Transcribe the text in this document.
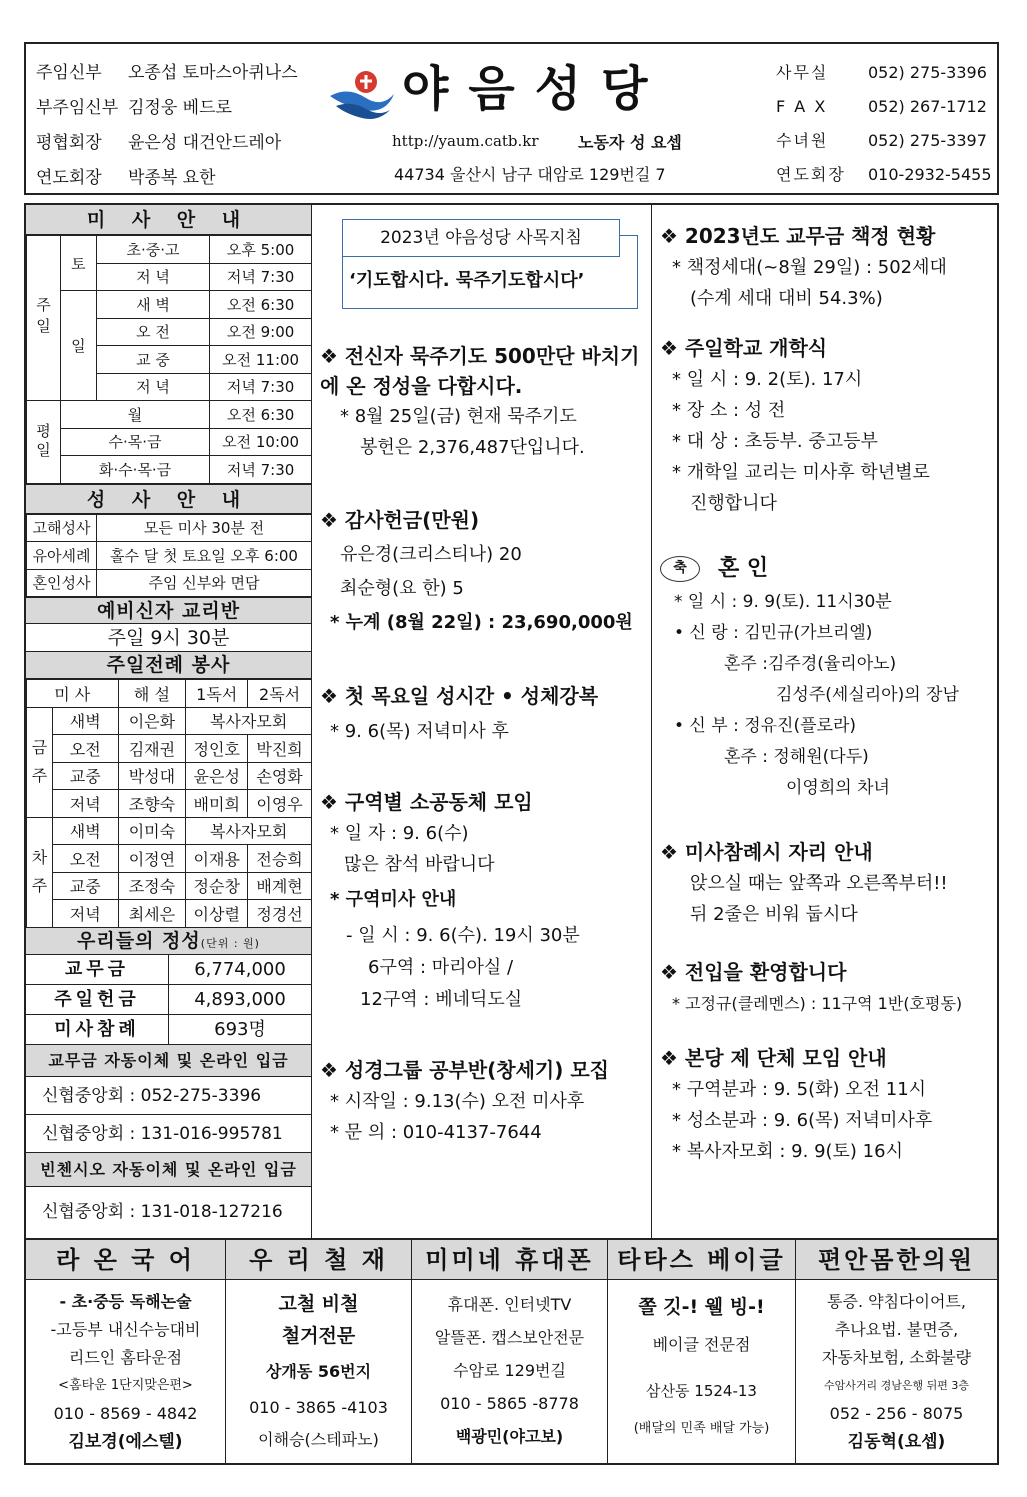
주임신부 오종섭 토마스아퀴나스
부주임신부 김정웅 베드로
평협회장 윤은성 대건안드레아
연도회장 박종복 요한
야음성당
http://yaum.catb.kr 노동자 성 요셉
44734 울산시 남구 대암로 129번길 7
사무실 052) 275-3396
F A X	052) 267-1712
수녀원 052) 275-3397
연도회장 010-2932-5455
미 사 안 내
주일	토	초·중·고	오후 5:00
		저 녁	저녁 7:30
	일	새 벽	오전 6:30
		오 전	오전 9:00
		교 중	오전 11:00
		저 녁	저녁 7:30
평일	월		오전 6:30
	수·목·금		오전 10:00
	화·수·목·금		저녁 7:30
성 사 안 내
고해성사	모든 미사 30분 전
유아세례	홀수 달 첫 토요일 오후 6:00
혼인성사	주임 신부와 면담
예비신자 교리반
주일 9시 30분
주일전례 봉사
미 사		해 설	1독서	2독서
금주	새벽	이은화	복사자모회	
	오전	김재권	정인호	박진희
	교중	박성대	윤은성	손영화
	저녁	조향숙	배미희	이영우
차주	새벽	이미숙	복사자모회	
	오전	이정연	이재용	전승희
	교중	조정숙	정순창	배계현
	저녁	최세은	이상렬	정경선
우리들의 정성(단위 : 원)
교무금	6,774,000
주일헌금	4,893,000
미사참례	693명
교무금 자동이체 및 온라인 입금
신협중앙회 : 052-275-3396
신협중앙회 : 131-016-995781
빈첸시오 자동이체 및 온라인 입금
신협중앙회 : 131-018-127216
‘기도합시다. 묵주기도합시다’
2023년 야음성당 사목지침
❖ 전신자 묵주기도 500만단 바치기에 온 정성을 다합시다.
* 8월 25일(금) 현재 묵주기도
봉헌은 2,376,487단입니다.
❖ 감사헌금(만원)
유은경(크리스티나) 20
최순형(요 한) 5
* 누계 (8월 22일) : 23,690,000원
❖ 첫 목요일 성시간 • 성체강복
* 9. 6(목) 저녁미사 후
❖ 구역별 소공동체 모임
* 일 자 : 9. 6(수)
많은 참석 바랍니다
* 구역미사 안내
- 일 시 : 9. 6(수). 19시 30분
6구역 : 마리아실 /
12구역 : 베네딕도실
❖ 성경그룹 공부반(창세기) 모집
* 시작일 : 9.13(수) 오전 미사후
* 문 의 : 010-4137-7644
❖ 2023년도 교무금 책정 현황
* 책정세대(~8월 29일) : 502세대
(수계 세대 대비 54.3%)
❖ 주일학교 개학식
* 일 시 : 9. 2(토). 17시
* 장 소 : 성 전
* 대 상 : 초등부. 중고등부
* 개학일 교리는 미사후 학년별로
진행합니다
축 혼 인
* 일 시 : 9. 9(토). 11시30분
• 신 랑 : 김민규(가브리엘)
혼주 :김주경(율리아노)
김성주(세실리아)의 장남
• 신 부 : 정유진(플로라)
혼주 : 정해원(다두)
이영희의 차녀
❖ 미사참례시 자리 안내
앉으실 때는 앞쪽과 오른쪽부터!!
뒤 2줄은 비워 둡시다
❖ 전입을 환영합니다
* 고정규(클레멘스) : 11구역 1반(호평동)
❖ 본당 제 단체 모임 안내
* 구역분과 : 9. 5(화) 오전 11시
* 성소분과 : 9. 6(목) 저녁미사후
* 복사자모회 : 9. 9(토) 16시
라 온 국 어
- 초·중등 독해논술
-고등부 내신수능대비
리드인 홈타운점
<홈타운 1단지맞은편>
010 - 8569 - 4842
김보경(에스텔)
우 리 철 재
고철 비철
철거전문
상개동 56번지
010 - 3865 -4103
이해승(스테파노)
미미네 휴대폰
휴대폰. 인터넷TV
알뜰폰. 캡스보안전문
수암로 129번길
010 - 5865 -8778
백광민(야고보)
타타스 베이글
쫄 깃-! 웰 빙-!
베이글 전문점
삼산동 1524-13
(배달의 민족 배달 가능)
편안몸한의원
통증. 약침다이어트,
추나요법. 불면증,
자동차보험, 소화불량
수암사거리 경남은행 뒤편 3층
052 - 256 - 8075
김동혁(요셉)
